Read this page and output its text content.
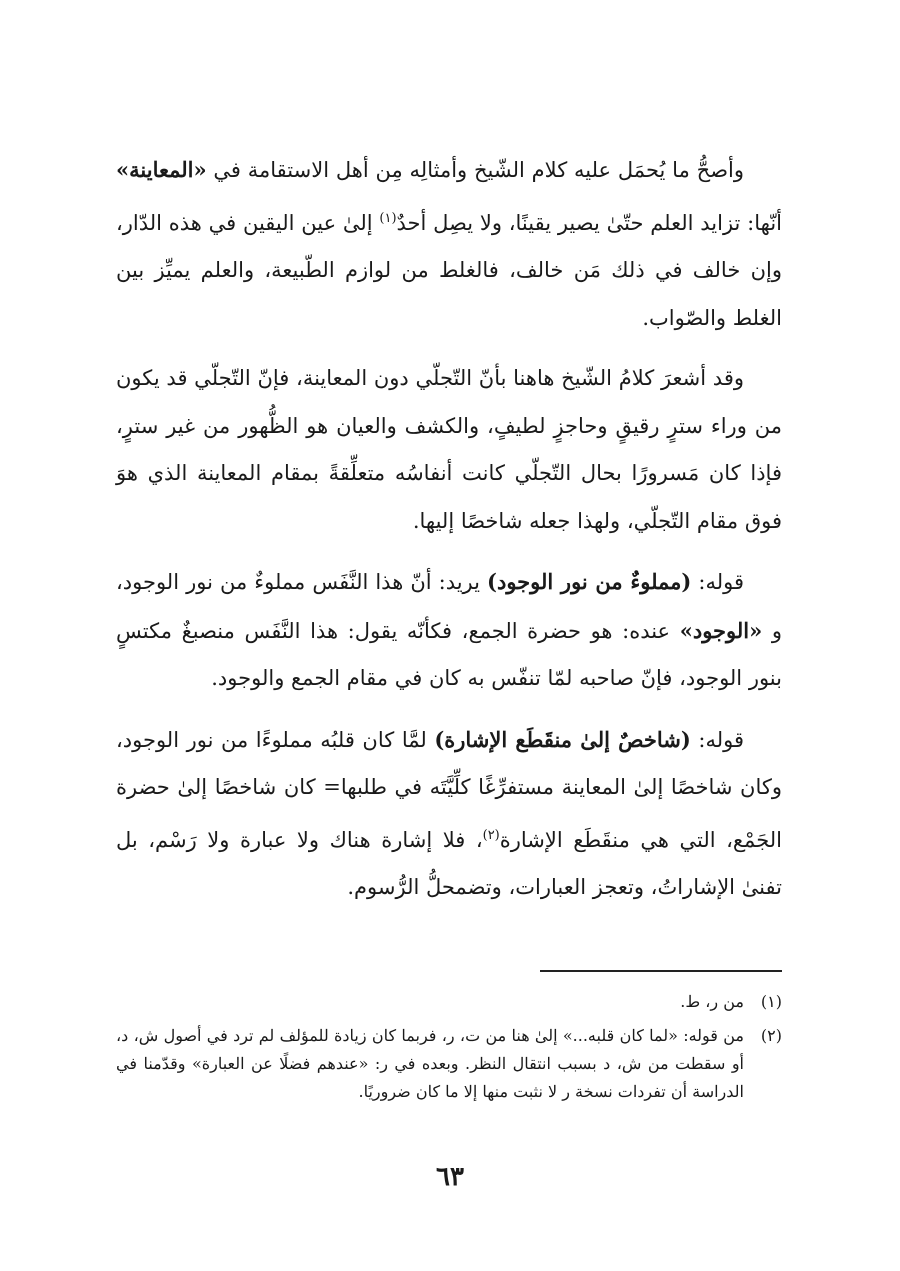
وأصحُّ ما يُحمَل عليه كلام الشّيخ وأمثالِه مِن أهل الاستقامة في «المعاينة» أنّها: تزايد العلم حتّىٰ يصير يقينًا، ولا يصِل أحدٌ$^{(١)}$ إلىٰ عين اليقين في هذه الدّار، وإن خالف في ذلك مَن خالف، فالغلط من لوازم الطّبيعة، والعلم يميِّز بين الغلط والصّواب.

وقد أشعرَ كلامُ الشّيخ هاهنا بأنّ التّجلّي دون المعاينة، فإنّ التّجلّي قد يكون من وراء سترٍ رقيقٍ وحاجزٍ لطيفٍ، والكشف والعيان هو الظُّهور من غير سترٍ، فإذا كان مَسرورًا بحال التّجلّي كانت أنفاسُه متعلِّقةً بمقام المعاينة الذي هوَ فوق مقام التّجلّي، ولهذا جعله شاخصًا إليها.

قوله: (مملوءٌ من نور الوجود) يريد: أنّ هذا النَّفَس مملوءٌ من نور الوجود، و «الوجود» عنده: هو حضرة الجمع، فكأنّه يقول: هذا النَّفَس منصبغٌ مكتسٍ بنور الوجود، فإنّ صاحبه لمّا تنفّس به كان في مقام الجمع والوجود.

قوله: (شاخصٌ إلىٰ منقَطَع الإشارة) لمَّا كان قلبُه مملوءًا من نور الوجود، وكان شاخصًا إلىٰ المعاينة مستفرِّغًا كلِّيَّتَه في طلبها= كان شاخصًا إلىٰ حضرة الجَمْع، التي هي منقَطَع الإشارة$^{(٢)}$، فلا إشارة هناك ولا عبارة ولا رَسْم، بل تفنىٰ الإشاراتُ، وتعجز العبارات، وتضمحلُّ الرُّسوم.

(١)
من ر، ط.
(٢)
من قوله: «لما كان قلبه...» إلىٰ هنا من ت، ر، فربما كان زيادة للمؤلف لم ترد في أصول ش، د، أو سقطت من ش، د بسبب انتقال النظر. وبعده في ر: «عندهم فضلًا عن العبارة» وقدّمنا في الدراسة أن تفردات نسخة ر لا نثبت منها إلا ما كان ضروريًا.
٦٣
